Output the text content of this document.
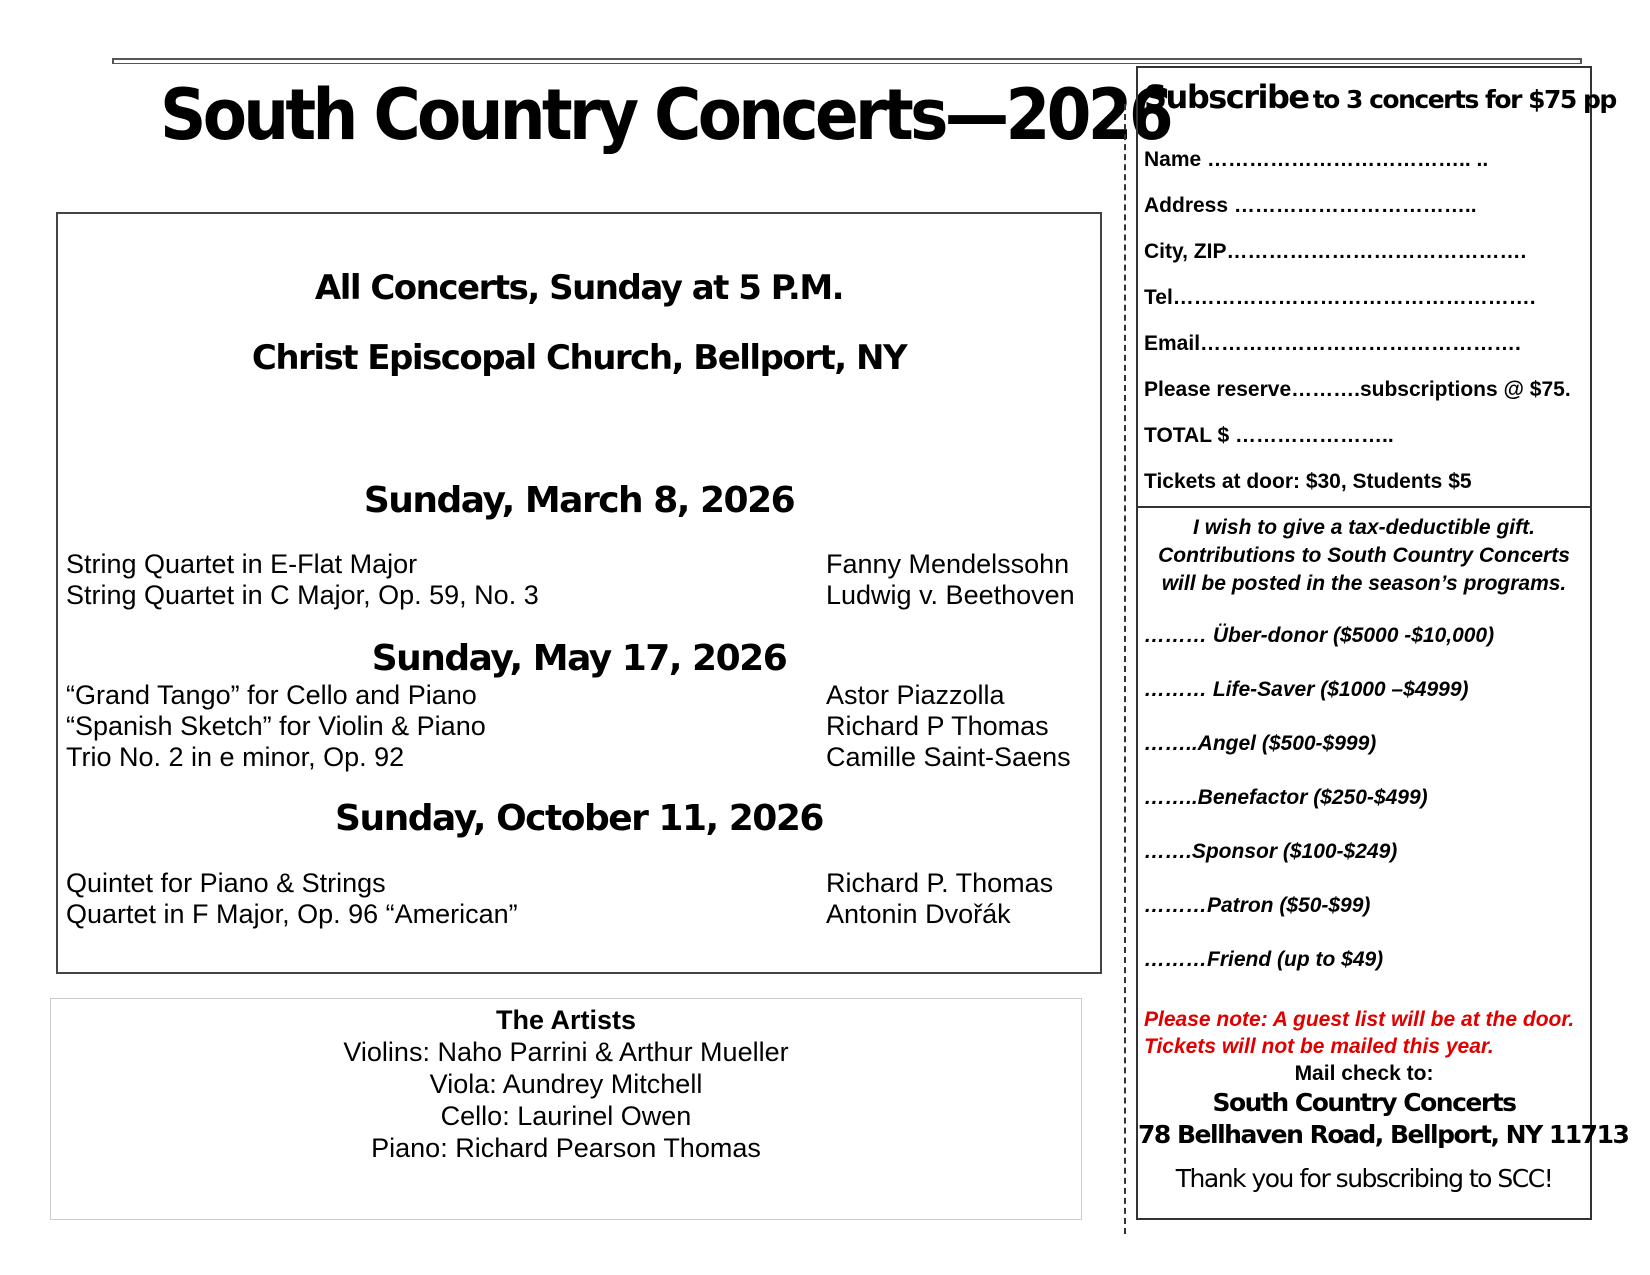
South Country Concerts—2026
All Concerts, Sunday at 5 P.M.
Christ Episcopal Church, Bellport, NY
Sunday, March 8, 2026
String Quartet in E-Flat Major	Fanny Mendelssohn
String Quartet in C Major, Op. 59, No. 3	Ludwig v. Beethoven
Sunday, May 17, 2026
“Grand Tango” for Cello and Piano	Astor Piazzolla
“Spanish Sketch” for Violin & Piano	Richard P Thomas
Trio No. 2 in e minor, Op. 92	Camille Saint-Saens
Sunday, October 11, 2026
Quintet for Piano & Strings	Richard P. Thomas
Quartet in F Major, Op. 96 “American”	Antonin Dvořák
The Artists
Violins: Naho Parrini & Arthur Mueller
Viola: Aundrey Mitchell
Cello: Laurinel Owen
Piano: Richard Pearson Thomas
Subscribe to 3 concerts for $75 pp
Name ……………………………….. ..
Address ……………………………..
City, ZIP…………………………………….
Tel…………………………………………….
Email……………………………………….
Please reserve……….subscriptions @ $75.
TOTAL $ …………………..
Tickets at door: $30, Students $5
I wish to give a tax-deductible gift.
Contributions to South Country Concerts
will be posted in the season’s programs.
……… Über-donor ($5000 -$10,000)
……… Life-Saver ($1000 –$4999)
……..Angel ($500-$999)
……..Benefactor ($250-$499)
…….Sponsor ($100-$249)
………Patron ($50-$99)
………Friend (up to $49)
Please note: A guest list will be at the door. Tickets will not be mailed this year.
Mail check to:
South Country Concerts
78 Bellhaven Road, Bellport, NY 11713
Thank you for subscribing to SCC!
